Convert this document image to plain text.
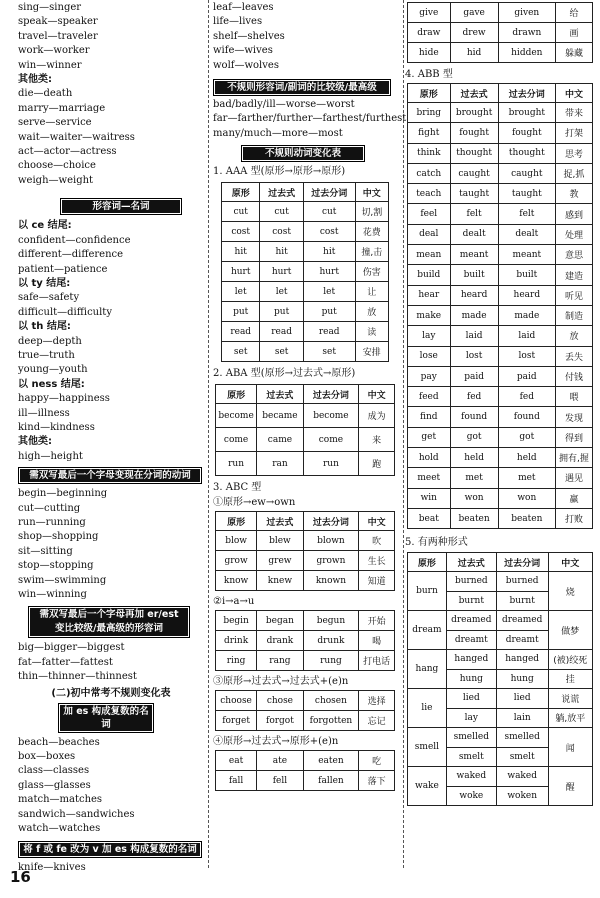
sing—singer
speak—speaker
travel—traveler
work—worker
win—winner
其他类:
die—death
marry—marriage
serve—service
wait—waiter—waitress
act—actor—actress
choose—choice
weigh—weight
形容词—名词
以 ce 结尾:
confident—confidence
different—difference
patient—patience
以 ty 结尾:
safe—safety
difficult—difficulty
以 th 结尾:
deep—depth
true—truth
young—youth
以 ness 结尾:
happy—happiness
ill—illness
kind—kindness
其他类:
high—height
需双写最后一个字母变现在分词的动词
begin—beginning
cut—cutting
run—running
shop—shopping
sit—sitting
stop—stopping
swim—swimming
win—winning
需双写最后一个字母再加 er/est
变比较级/最高级的形容词
big—bigger—biggest
fat—fatter—fattest
thin—thinner—thinnest
(二)初中常考不规则变化表
加 es 构成复数的名词
beach—beaches
box—boxes
class—classes
glass—glasses
match—matches
sandwich—sandwiches
watch—watches
将 f 或 fe 改为 v 加 es 构成复数的名词
knife—knives
leaf—leaves
life—lives
shelf—shelves
wife—wives
wolf—wolves
不规则形容词/副词的比较级/最高级
bad/badly/ill—worse—worst
far—farther/further—farthest/furthest
many/much—more—most
不规则动词变化表
1. AAA 型(原形→原形→原形)
原形	过去式	过去分词	中文
cut	cut	cut	切,割
cost	cost	cost	花费
hit	hit	hit	撞,击
hurt	hurt	hurt	伤害
let	let	let	让
put	put	put	放
read	read	read	读
set	set	set	安排
2. ABA 型(原形→过去式→原形)
原形	过去式	过去分词	中文
become	became	become	成为
come	came	come	来
run	ran	run	跑
3. ABC 型
①原形→ew→own
原形	过去式	过去分词	中文
blow	blew	blown	吹
grow	grew	grown	生长
know	knew	known	知道
②i→a→u
begin	began	begun	开始
drink	drank	drunk	喝
ring	rang	rung	打电话
③原形→过去式→过去式+(e)n
choose	chose	chosen	选择
forget	forgot	forgotten	忘记
④原形→过去式→原形+(e)n
eat	ate	eaten	吃
fall	fell	fallen	落下
give	gave	given	给
draw	drew	drawn	画
hide	hid	hidden	躲藏
4. ABB 型
原形	过去式	过去分词	中文
bring	brought	brought	带来
fight	fought	fought	打架
think	thought	thought	思考
catch	caught	caught	捉,抓
teach	taught	taught	教
feel	felt	felt	感到
deal	dealt	dealt	处理
mean	meant	meant	意思
build	built	built	建造
hear	heard	heard	听见
make	made	made	制造
lay	laid	laid	放
lose	lost	lost	丢失
pay	paid	paid	付钱
feed	fed	fed	喂
find	found	found	发现
get	got	got	得到
hold	held	held	拥有,握
meet	met	met	遇见
win	won	won	赢
beat	beaten	beaten	打败
5. 有两种形式
原形	过去式	过去分词	中文
burn	burned	burned	烧
	burnt	burnt	
dream	dreamed	dreamed	做梦
	dreamt	dreamt	
hang	hanged	hanged	(被)绞死
	hung	hung	挂
lie	lied	lied	说谎
	lay	lain	躺,放平
smell	smelled	smelled	闻
	smelt	smelt	
wake	waked	waked	醒
	woke	woken	
16
